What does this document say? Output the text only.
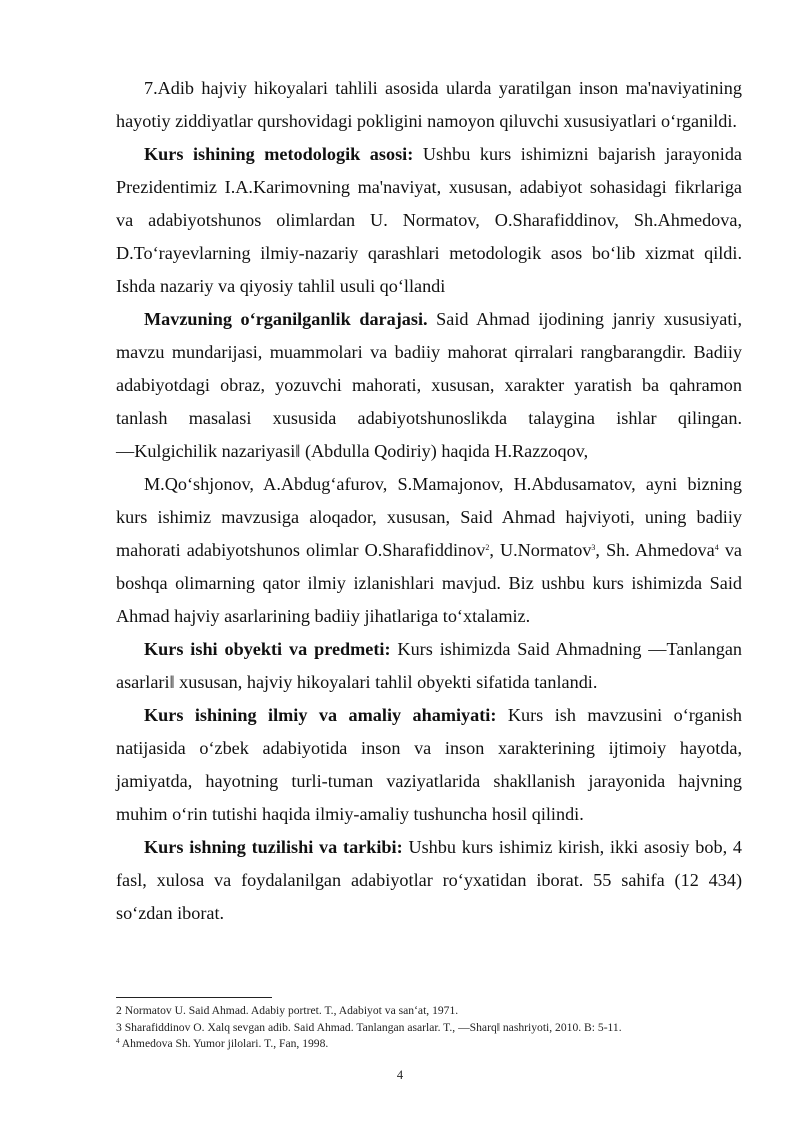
7.Adib hajviy hikoyalari tahlili asosida ularda yaratilgan inson ma'naviyatining hayotiy ziddiyatlar qurshovidagi pokligini namoyon qiluvchi xususiyatlari o‘rganildi.

Kurs ishining metodologik asosi: Ushbu kurs ishimizni bajarish jarayonida Prezidentimiz I.A.Karimovning ma'naviyat, xususan, adabiyot sohasidagi fikrlariga va adabiyotshunos olimlardan U. Normatov, O.Sharafiddinov, Sh.Ahmedova, D.To‘rayevlarning ilmiy-nazariy qarashlari metodologik asos bo‘lib xizmat qildi. Ishda nazariy va qiyosiy tahlil usuli qo‘llandi

Mavzuning o‘rganilganlik darajasi. Said Ahmad ijodining janriy xususiyati, mavzu mundarijasi, muammolari va badiiy mahorat qirralari rangbarangdir. Badiiy adabiyotdagi obraz, yozuvchi mahorati, xususan, xarakter yaratish ba qahramon tanlash masalasi xususida adabiyotshunoslikda talaygina ishlar qilingan. ―Kulgichilik nazariyasi‖ (Abdulla Qodiriy) haqida H.Razzoqov,

M.Qo‘shjonov, A.Abdug‘afurov, S.Mamajonov, H.Abdusamatov, ayni bizning kurs ishimiz mavzusiga aloqador, xususan, Said Ahmad hajviyoti, uning badiiy mahorati adabiyotshunos olimlar O.Sharafiddinov$^2$, U.Normatov$^3$, Sh. Ahmedova$^4$ va boshqa olimarning qator ilmiy izlanishlari mavjud. Biz ushbu kurs ishimizda Said Ahmad hajviy asarlarining badiiy jihatlariga to‘xtalamiz.

Kurs ishi obyekti va predmeti: Kurs ishimizda Said Ahmadning ―Tanlangan asarlari‖ xususan, hajviy hikoyalari tahlil obyekti sifatida tanlandi.

Kurs ishining ilmiy va amaliy ahamiyati: Kurs ish mavzusini o‘rganish natijasida o‘zbek adabiyotida inson va inson xarakterining ijtimoiy hayotda, jamiyatda, hayotning turli-tuman vaziyatlarida shakllanish jarayonida hajvning muhim o‘rin tutishi haqida ilmiy-amaliy tushuncha hosil qilindi.

Kurs ishning tuzilishi va tarkibi: Ushbu kurs ishimiz kirish, ikki asosiy bob, 4 fasl, xulosa va foydalanilgan adabiyotlar ro‘yxatidan iborat. 55 sahifa (12 434) so‘zdan iborat.

2 Normatov U. Said Ahmad. Adabiy portret. T., Adabiyot va san‘at, 1971.
3 Sharafiddinov O. Xalq sevgan adib. Said Ahmad. Tanlangan asarlar. T., ―Sharq‖ nashriyoti, 2010. B: 5-11.
$^4$ Ahmedova Sh. Yumor jilolari. T., Fan, 1998.
4
